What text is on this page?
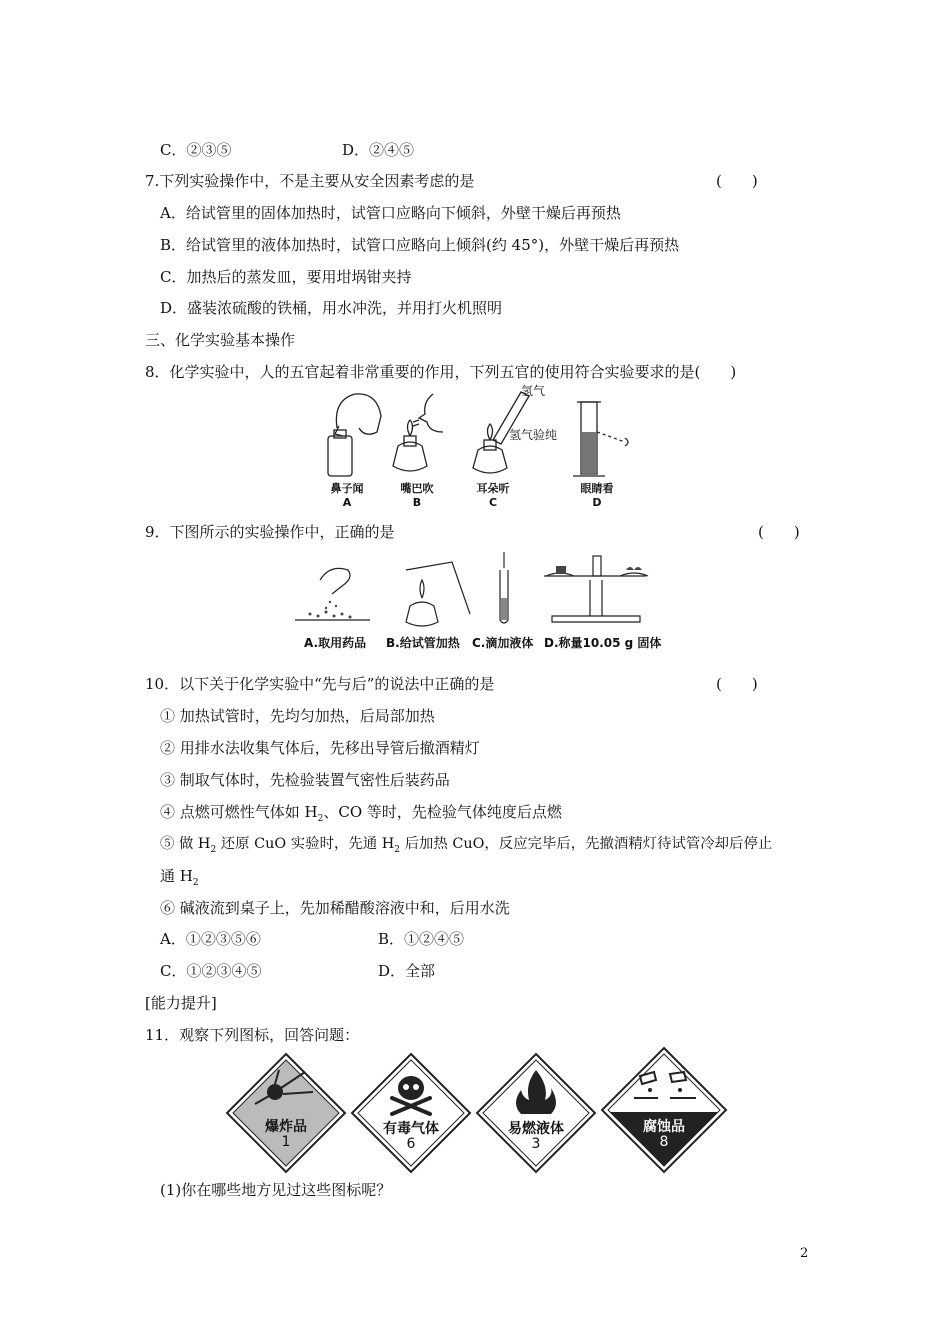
C．②③⑤	D．②④⑤
7.下列实验操作中，不是主要从安全因素考虑的是	(　　)
A．给试管里的固体加热时，试管口应略向下倾斜，外壁干燥后再预热
B．给试管里的液体加热时，试管口应略向上倾斜(约 45°)，外壁干燥后再预热
C．加热后的蒸发皿，要用坩埚钳夹持
D．盛装浓硫酸的铁桶，用水冲洗，并用打火机照明
三、化学实验基本操作
8．化学实验中，人的五官起着非常重要的作用，下列五官的使用符合实验要求的是(　　)
氢气
氢气验纯
鼻子闻
A
嘴巴吹
B
耳朵听
C
眼睛看
D
9．下图所示的实验操作中，正确的是	(　　)
A.取用药品 B.给试管加热 C.滴加液体 D.称量10.05 g 固体
10．以下关于化学实验中“先与后”的说法中正确的是	(　　)
① 加热试管时，先均匀加热，后局部加热
② 用排水法收集气体后，先移出导管后撤酒精灯
③ 制取气体时，先检验装置气密性后装药品
④ 点燃可燃性气体如 $H_2$、CO 等时，先检验气体纯度后点燃
⑤ 做 $H_2$ 还原 CuO 实验时，先通 $H_2$ 后加热 CuO，反应完毕后，先撤酒精灯待试管冷却后停止
通 $H_2$
⑥ 碱液流到桌子上，先加稀醋酸溶液中和，后用水洗
A．①②③⑤⑥	B．①②④⑤
C．①②③④⑤	D．全部
[能力提升]
11．观察下列图标，回答问题：
爆炸品
1
有毒气体
6
易燃液体
3
腐蚀品
8
(1)你在哪些地方见过这些图标呢？
2
